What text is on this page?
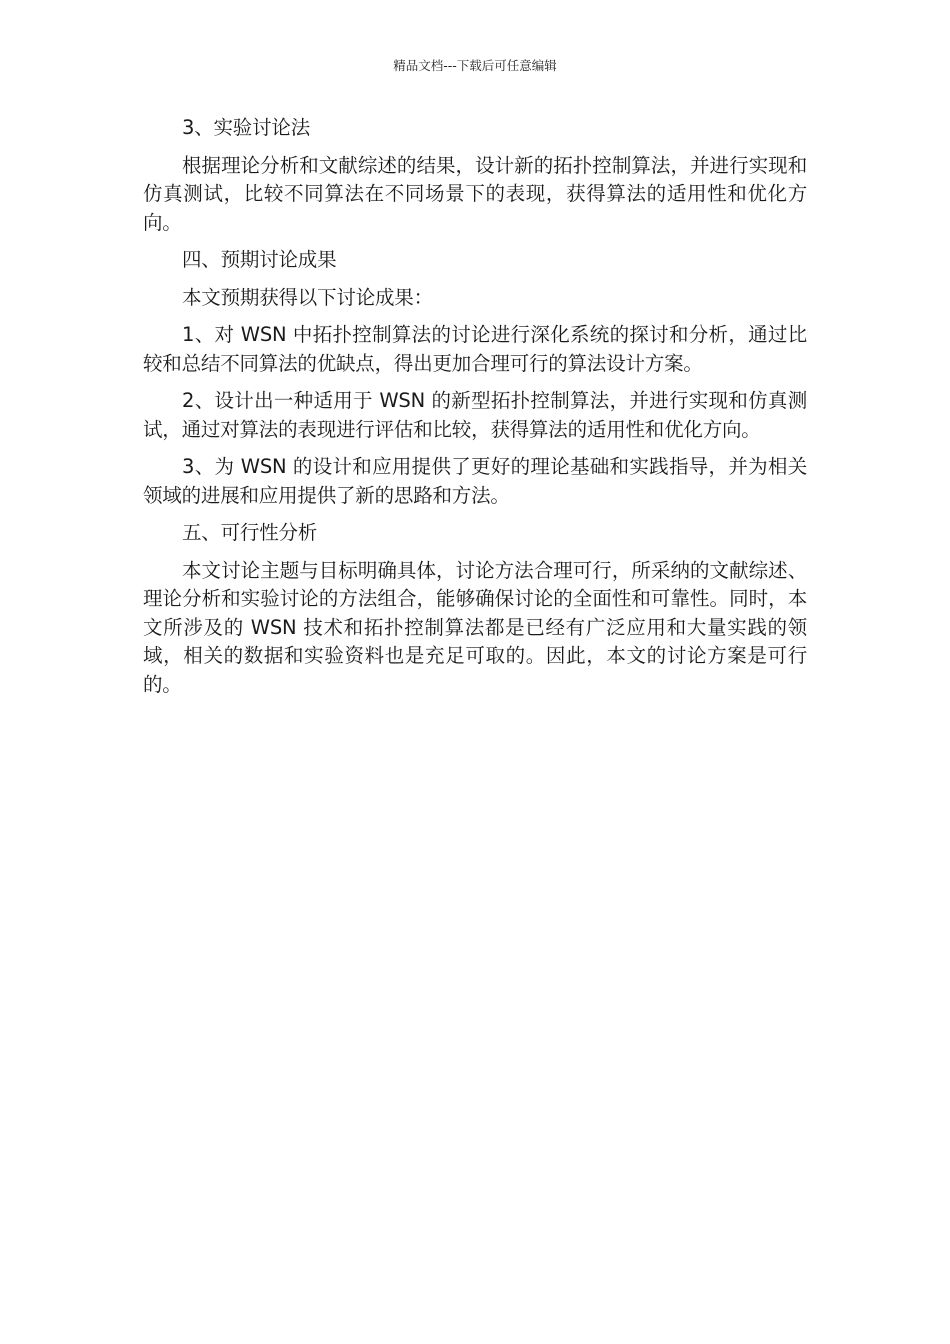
精品文档---下载后可任意编辑

3、实验讨论法

根据理论分析和文献综述的结果，设计新的拓扑控制算法，并进行实现和仿真测试，比较不同算法在不同场景下的表现，获得算法的适用性和优化方向。

四、预期讨论成果

本文预期获得以下讨论成果：

1、对 WSN 中拓扑控制算法的讨论进行深化系统的探讨和分析，通过比较和总结不同算法的优缺点，得出更加合理可行的算法设计方案。

2、设计出一种适用于 WSN 的新型拓扑控制算法，并进行实现和仿真测试，通过对算法的表现进行评估和比较，获得算法的适用性和优化方向。

3、为 WSN 的设计和应用提供了更好的理论基础和实践指导，并为相关领域的进展和应用提供了新的思路和方法。

五、可行性分析

本文讨论主题与目标明确具体，讨论方法合理可行，所采纳的文献综述、理论分析和实验讨论的方法组合，能够确保讨论的全面性和可靠性。同时，本文所涉及的 WSN 技术和拓扑控制算法都是已经有广泛应用和大量实践的领域，相关的数据和实验资料也是充足可取的。因此，本文的讨论方案是可行的。
